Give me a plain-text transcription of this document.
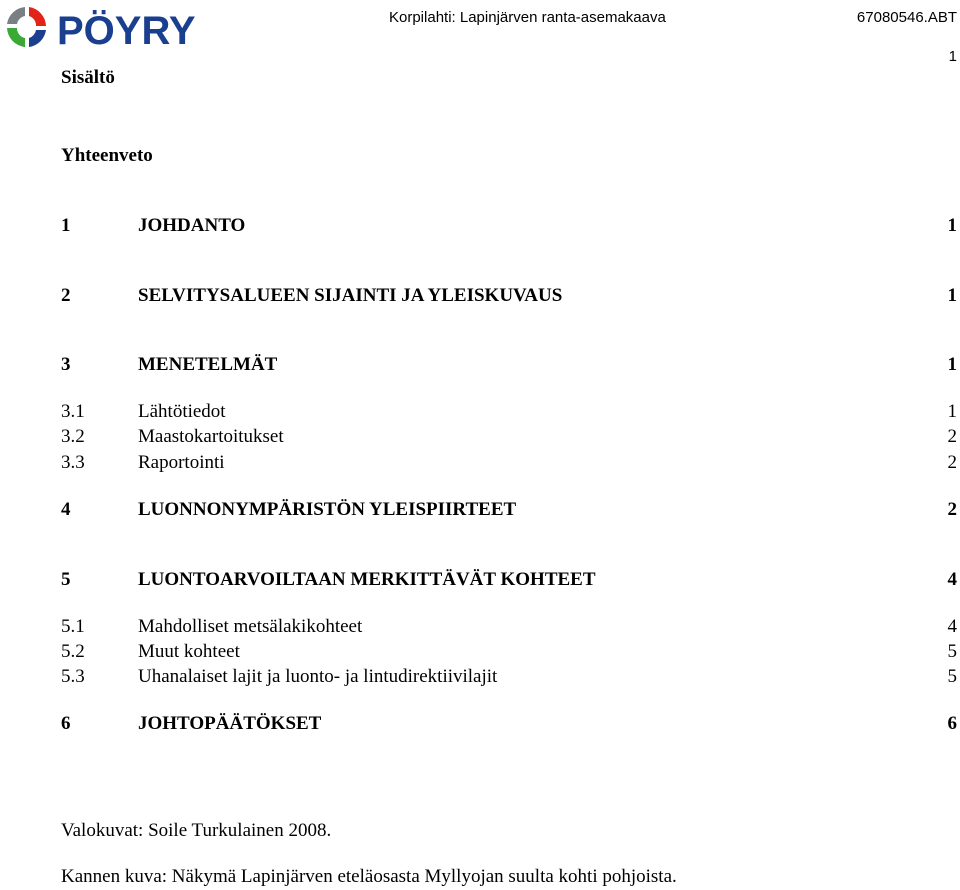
PÖYRY	Korpilahti: Lapinjärven ranta-asemakaava	67080546.ABT
1
Sisältö
Yhteenveto
1	JOHDANTO	1
2	SELVITYSALUEEN SIJAINTI JA YLEISKUVAUS	1
3	MENETELMÄT	1
3.1	Lähtötiedot	1
3.2	Maastokartoitukset	2
3.3	Raportointi	2
4	LUONNONYMPÄRISTÖN YLEISPIIRTEET	2
5	LUONTOARVOILTAAN MERKITTÄVÄT KOHTEET	4
5.1	Mahdolliset metsälakikohteet	4
5.2	Muut kohteet	5
5.3	Uhanalaiset lajit ja luonto- ja lintudirektiivilajit	5
6	JOHTOPÄÄTÖKSET	6
Valokuvat: Soile Turkulainen 2008.
Kannen kuva: Näkymä Lapinjärven eteläosasta Myllyojan suulta kohti pohjoista.
